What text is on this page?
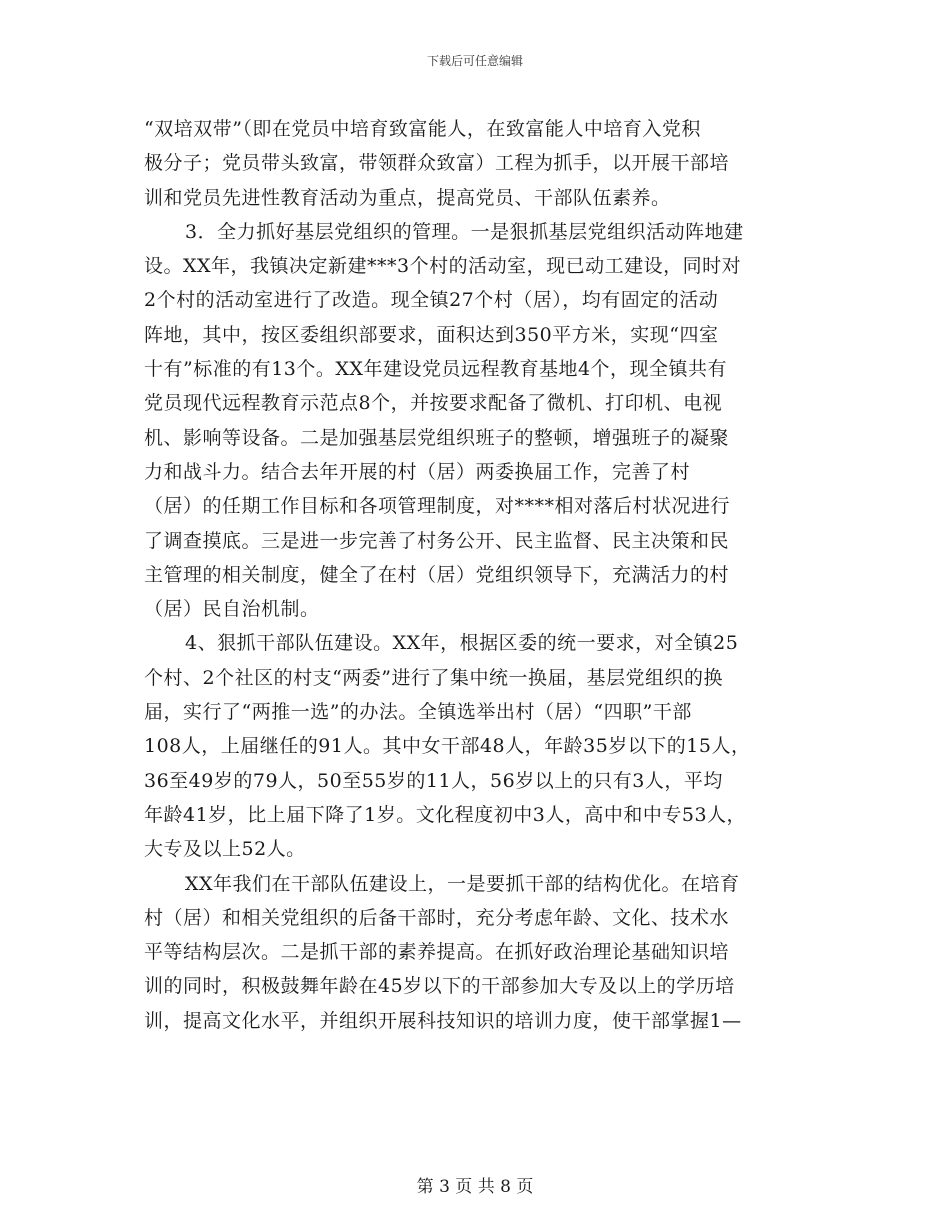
下载后可任意编辑
“双培双带”（即在党员中培育致富能人，在致富能人中培育入党积
极分子；党员带头致富，带领群众致富）工程为抓手，以开展干部培
训和党员先进性教育活动为重点，提高党员、干部队伍素养。
3．全力抓好基层党组织的管理。一是狠抓基层党组织活动阵地建
设。XX年，我镇决定新建***3个村的活动室，现已动工建设，同时对
2个村的活动室进行了改造。现全镇27个村（居），均有固定的活动
阵地，其中，按区委组织部要求，面积达到350平方米，实现“四室
十有”标准的有13个。XX年建设党员远程教育基地4个，现全镇共有
党员现代远程教育示范点8个，并按要求配备了微机、打印机、电视
机、影响等设备。二是加强基层党组织班子的整顿，增强班子的凝聚
力和战斗力。结合去年开展的村（居）两委换届工作，完善了村
（居）的任期工作目标和各项管理制度，对****相对落后村状况进行
了调查摸底。三是进一步完善了村务公开、民主监督、民主决策和民
主管理的相关制度，健全了在村（居）党组织领导下，充满活力的村
（居）民自治机制。
4、狠抓干部队伍建设。XX年，根据区委的统一要求，对全镇25
个村、2个社区的村支“两委”进行了集中统一换届，基层党组织的换
届，实行了“两推一选”的办法。全镇选举出村（居）“四职”干部
108人，上届继任的91人。其中女干部48人，年龄35岁以下的15人，
36至49岁的79人，50至55岁的11人，56岁以上的只有3人，平均
年龄41岁，比上届下降了1岁。文化程度初中3人，高中和中专53人，
大专及以上52人。
XX年我们在干部队伍建设上，一是要抓干部的结构优化。在培育
村（居）和相关党组织的后备干部时，充分考虑年龄、文化、技术水
平等结构层次。二是抓干部的素养提高。在抓好政治理论基础知识培
训的同时，积极鼓舞年龄在45岁以下的干部参加大专及以上的学历培
训，提高文化水平，并组织开展科技知识的培训力度，使干部掌握1—
第 3 页 共 8 页
